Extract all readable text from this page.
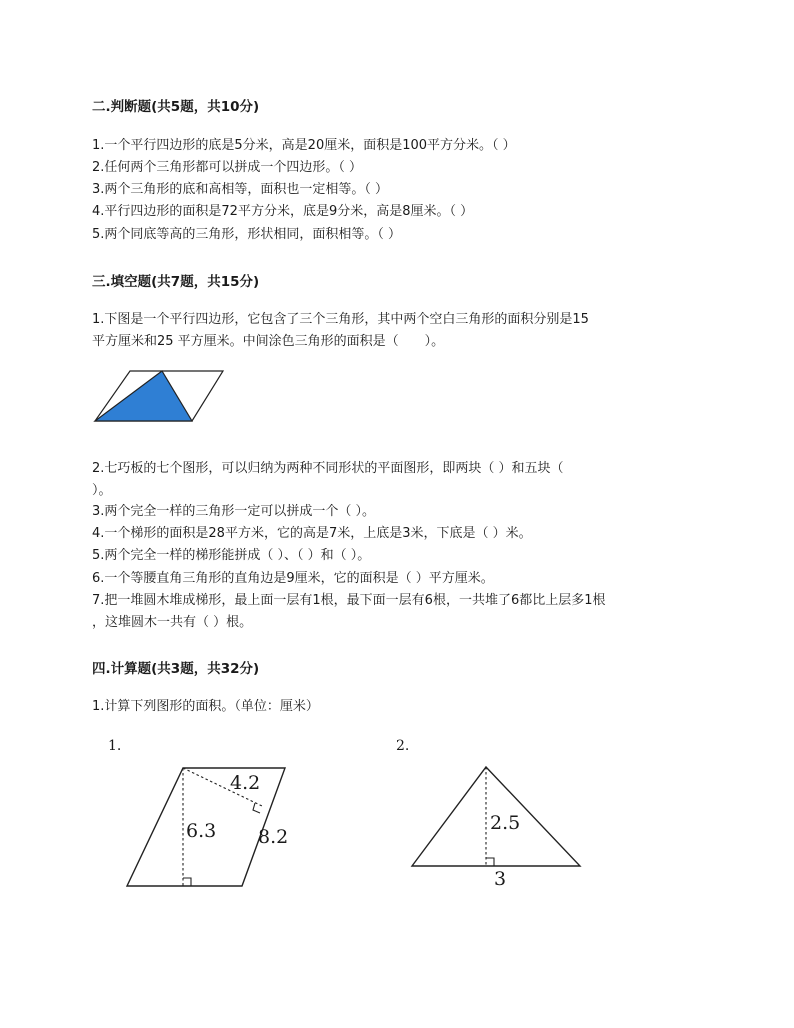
二.判断题(共5题，共10分)
1.一个平行四边形的底是5分米，高是20厘米，面积是100平方分米。（ ）
2.任何两个三角形都可以拼成一个四边形。（ ）
3.两个三角形的底和高相等，面积也一定相等。（ ）
4.平行四边形的面积是72平方分米，底是9分米，高是8厘米。（ ）
5.两个同底等高的三角形，形状相同，面积相等。（ ）
三.填空题(共7题，共15分)
1.下图是一个平行四边形，它包含了三个三角形，其中两个空白三角形的面积分别是15
平方厘米和25 平方厘米。中间涂色三角形的面积是（　　）。
2.七巧板的七个图形，可以归纳为两种不同形状的平面图形，即两块（ ）和五块（
）。
3.两个完全一样的三角形一定可以拼成一个（ ）。
4.一个梯形的面积是28平方米，它的高是7米，上底是3米，下底是（ ）米。
5.两个完全一样的梯形能拼成（ ）、（ ）和（ ）。
6.一个等腰直角三角形的直角边是9厘米，它的面积是（ ）平方厘米。
7.把一堆圆木堆成梯形，最上面一层有1根，最下面一层有6根，一共堆了6都比上层多1根
，这堆圆木一共有（ ）根。
四.计算题(共3题，共32分)
1.计算下列图形的面积。（单位：厘米）
1.
4.2
6.3 8.2
2.
2.5
3
